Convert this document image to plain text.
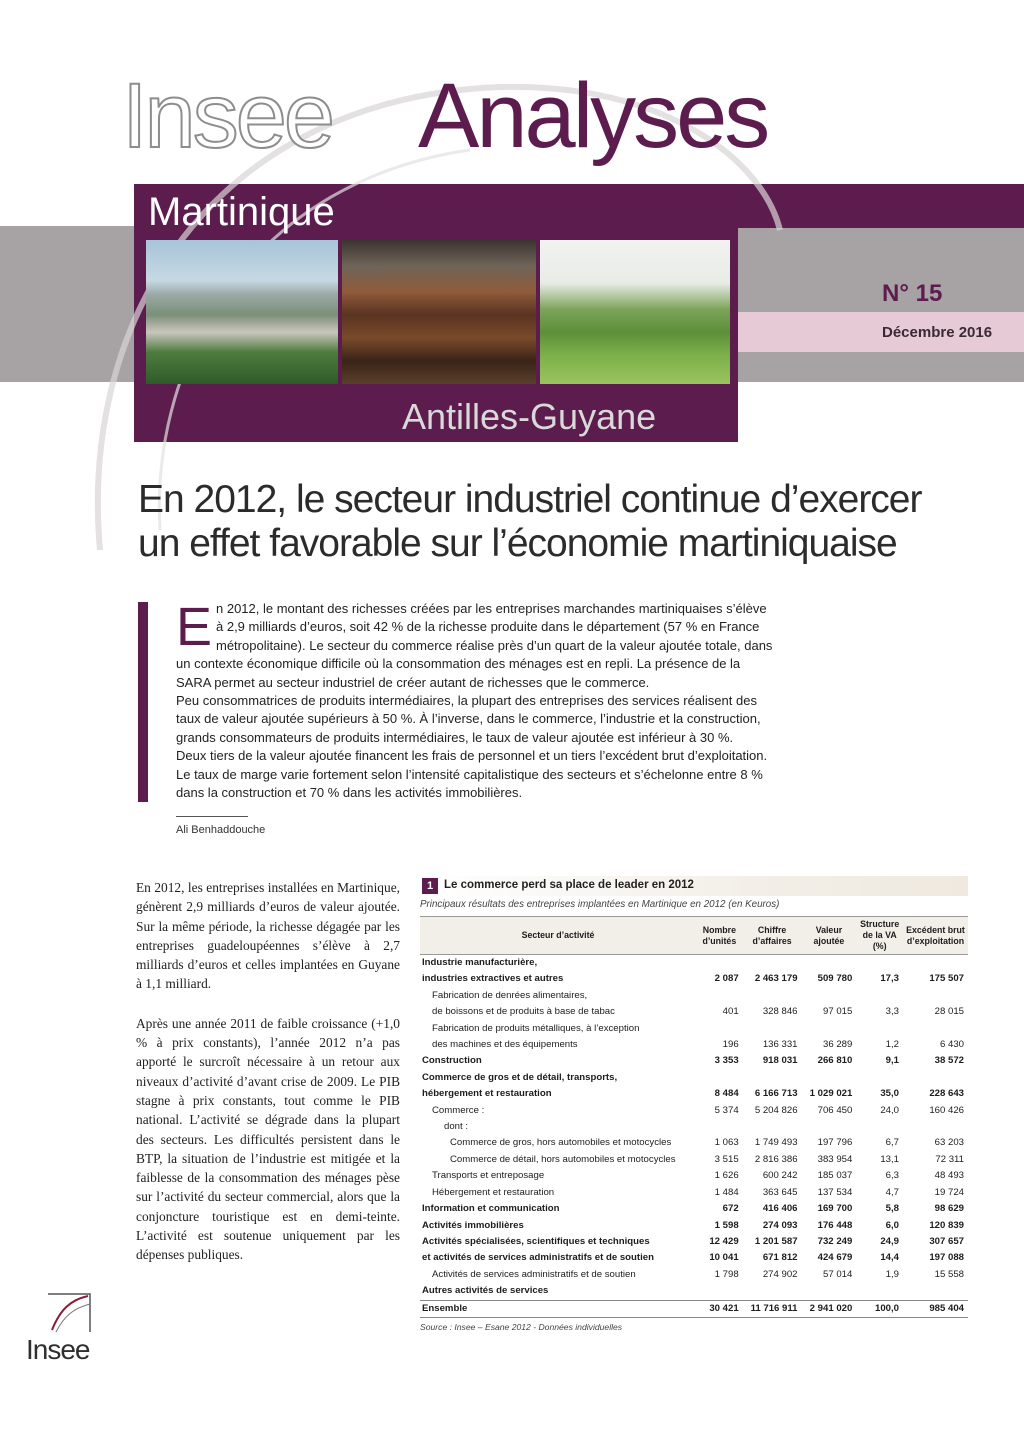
Insee Analyses
Martinique
Antilles-Guyane
N° 15
Décembre 2016
En 2012, le secteur industriel continue d’exercer
un effet favorable sur l’économie martiniquaise
E n 2012, le montant des richesses créées par les entreprises marchandes martiniquaises s’élève
à 2,9 milliards d’euros, soit 42 % de la richesse produite dans le département (57 % en France
métropolitaine). Le secteur du commerce réalise près d’un quart de la valeur ajoutée totale, dans
un contexte économique difficile où la consommation des ménages est en repli. La présence de la
SARA permet au secteur industriel de créer autant de richesses que le commerce.
Peu consommatrices de produits intermédiaires, la plupart des entreprises des services réalisent des
taux de valeur ajoutée supérieurs à 50 %. À l’inverse, dans le commerce, l’industrie et la construction,
grands consommateurs de produits intermédiaires, le taux de valeur ajoutée est inférieur à 30 %.
Deux tiers de la valeur ajoutée financent les frais de personnel et un tiers l’excédent brut d’exploitation.
Le taux de marge varie fortement selon l’intensité capitalistique des secteurs et s’échelonne entre 8 %
dans la construction et 70 % dans les activités immobilières.
Ali Benhaddouche

En 2012, les entreprises installées en Martinique, génèrent 2,9 milliards d’euros de valeur ajoutée. Sur la même période, la richesse dégagée par les entreprises guadeloupéennes s’élève à 2,7 milliards d’euros et celles implantées en Guyane à 1,1 milliard.

Après une année 2011 de faible croissance (+1,0 % à prix constants), l’année 2012 n’a pas apporté le surcroît nécessaire à un retour aux niveaux d’activité d’avant crise de 2009. Le PIB stagne à prix constants, tout comme le PIB national. L’activité se dégrade dans la plupart des secteurs. Les difficultés persistent dans le BTP, la situation de l’industrie est mitigée et la faiblesse de la consommation des ménages pèse sur l’activité du secteur commercial, alors que la conjoncture touristique est en demi-teinte. L’activité est soutenue uniquement par les dépenses publiques.

Insee
1 Le commerce perd sa place de leader en 2012
Principaux résultats des entreprises implantées en Martinique en 2012 (en Keuros)
Secteur d’activité	Nombre d’unités	Chiffre d’affaires	Valeur ajoutée	Structure de la VA (%)	Excédent brut d’exploitation
Industrie manufacturière,					
industries extractives et autres	2 087	2 463 179	509 780	17,3	175 507
Fabrication de denrées alimentaires,					
de boissons et de produits à base de tabac	401	328 846	97 015	3,3	28 015
Fabrication de produits métalliques, à l’exception					
des machines et des équipements	196	136 331	36 289	1,2	6 430
Construction	3 353	918 031	266 810	9,1	38 572
Commerce de gros et de détail, transports,					
hébergement et restauration	8 484	6 166 713	1 029 021	35,0	228 643
Commerce :	5 374	5 204 826	706 450	24,0	160 426
dont :					
Commerce de gros, hors automobiles et motocycles	1 063	1 749 493	197 796	6,7	63 203
Commerce de détail, hors automobiles et motocycles	3 515	2 816 386	383 954	13,1	72 311
Transports et entreposage	1 626	600 242	185 037	6,3	48 493
Hébergement et restauration	1 484	363 645	137 534	4,7	19 724
Information et communication	672	416 406	169 700	5,8	98 629
Activités immobilières	1 598	274 093	176 448	6,0	120 839
Activités spécialisées, scientifiques et techniques	12 429	1 201 587	732 249	24,9	307 657
et activités de services administratifs et de soutien	10 041	671 812	424 679	14,4	197 088
Activités de services administratifs et de soutien	1 798	274 902	57 014	1,9	15 558
Autres activités de services					
Ensemble	30 421	11 716 911	2 941 020	100,0	985 404
Source : Insee – Esane 2012 - Données individuelles
